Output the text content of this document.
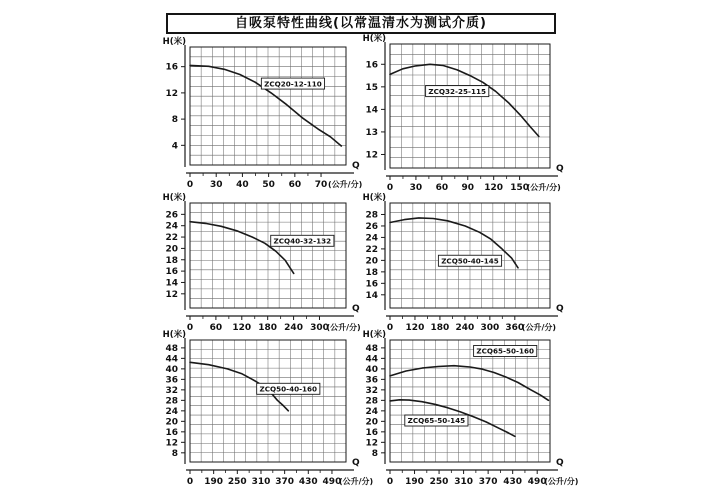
自吸泵特性曲线(以常温清水为测试介质)
16
12
8
4
H(米)
0 30 40 50 60 70 (公升/分)
Q
ZCQ20-12-110
16
15
14
13
12
H(米)
0 30 60 90 120 150
(公升/分)
Q
ZCQ32-25-115
26
24
22
20
18
16
14
12
H(米)
0 60 120 180 240 300
(公升/分)
Q
ZCQ40-32-132
28
26
24
22
20
18
16
14
H(米)
0 120 180 240 300 360
(公升/分)
Q
ZCQ50-40-145
48
44
40
36
32
28
24
20
16
12
8
H(米)
0 190 250 310 370 430 490
(公升/分)
Q
ZCQ50-40-160
48
44
40
36
32
28
24
20
16
12
8
H(米)
0 190 250 310 370 430 490
(公升/分)
Q
ZCQ65-50-160
ZCQ65-50-145
